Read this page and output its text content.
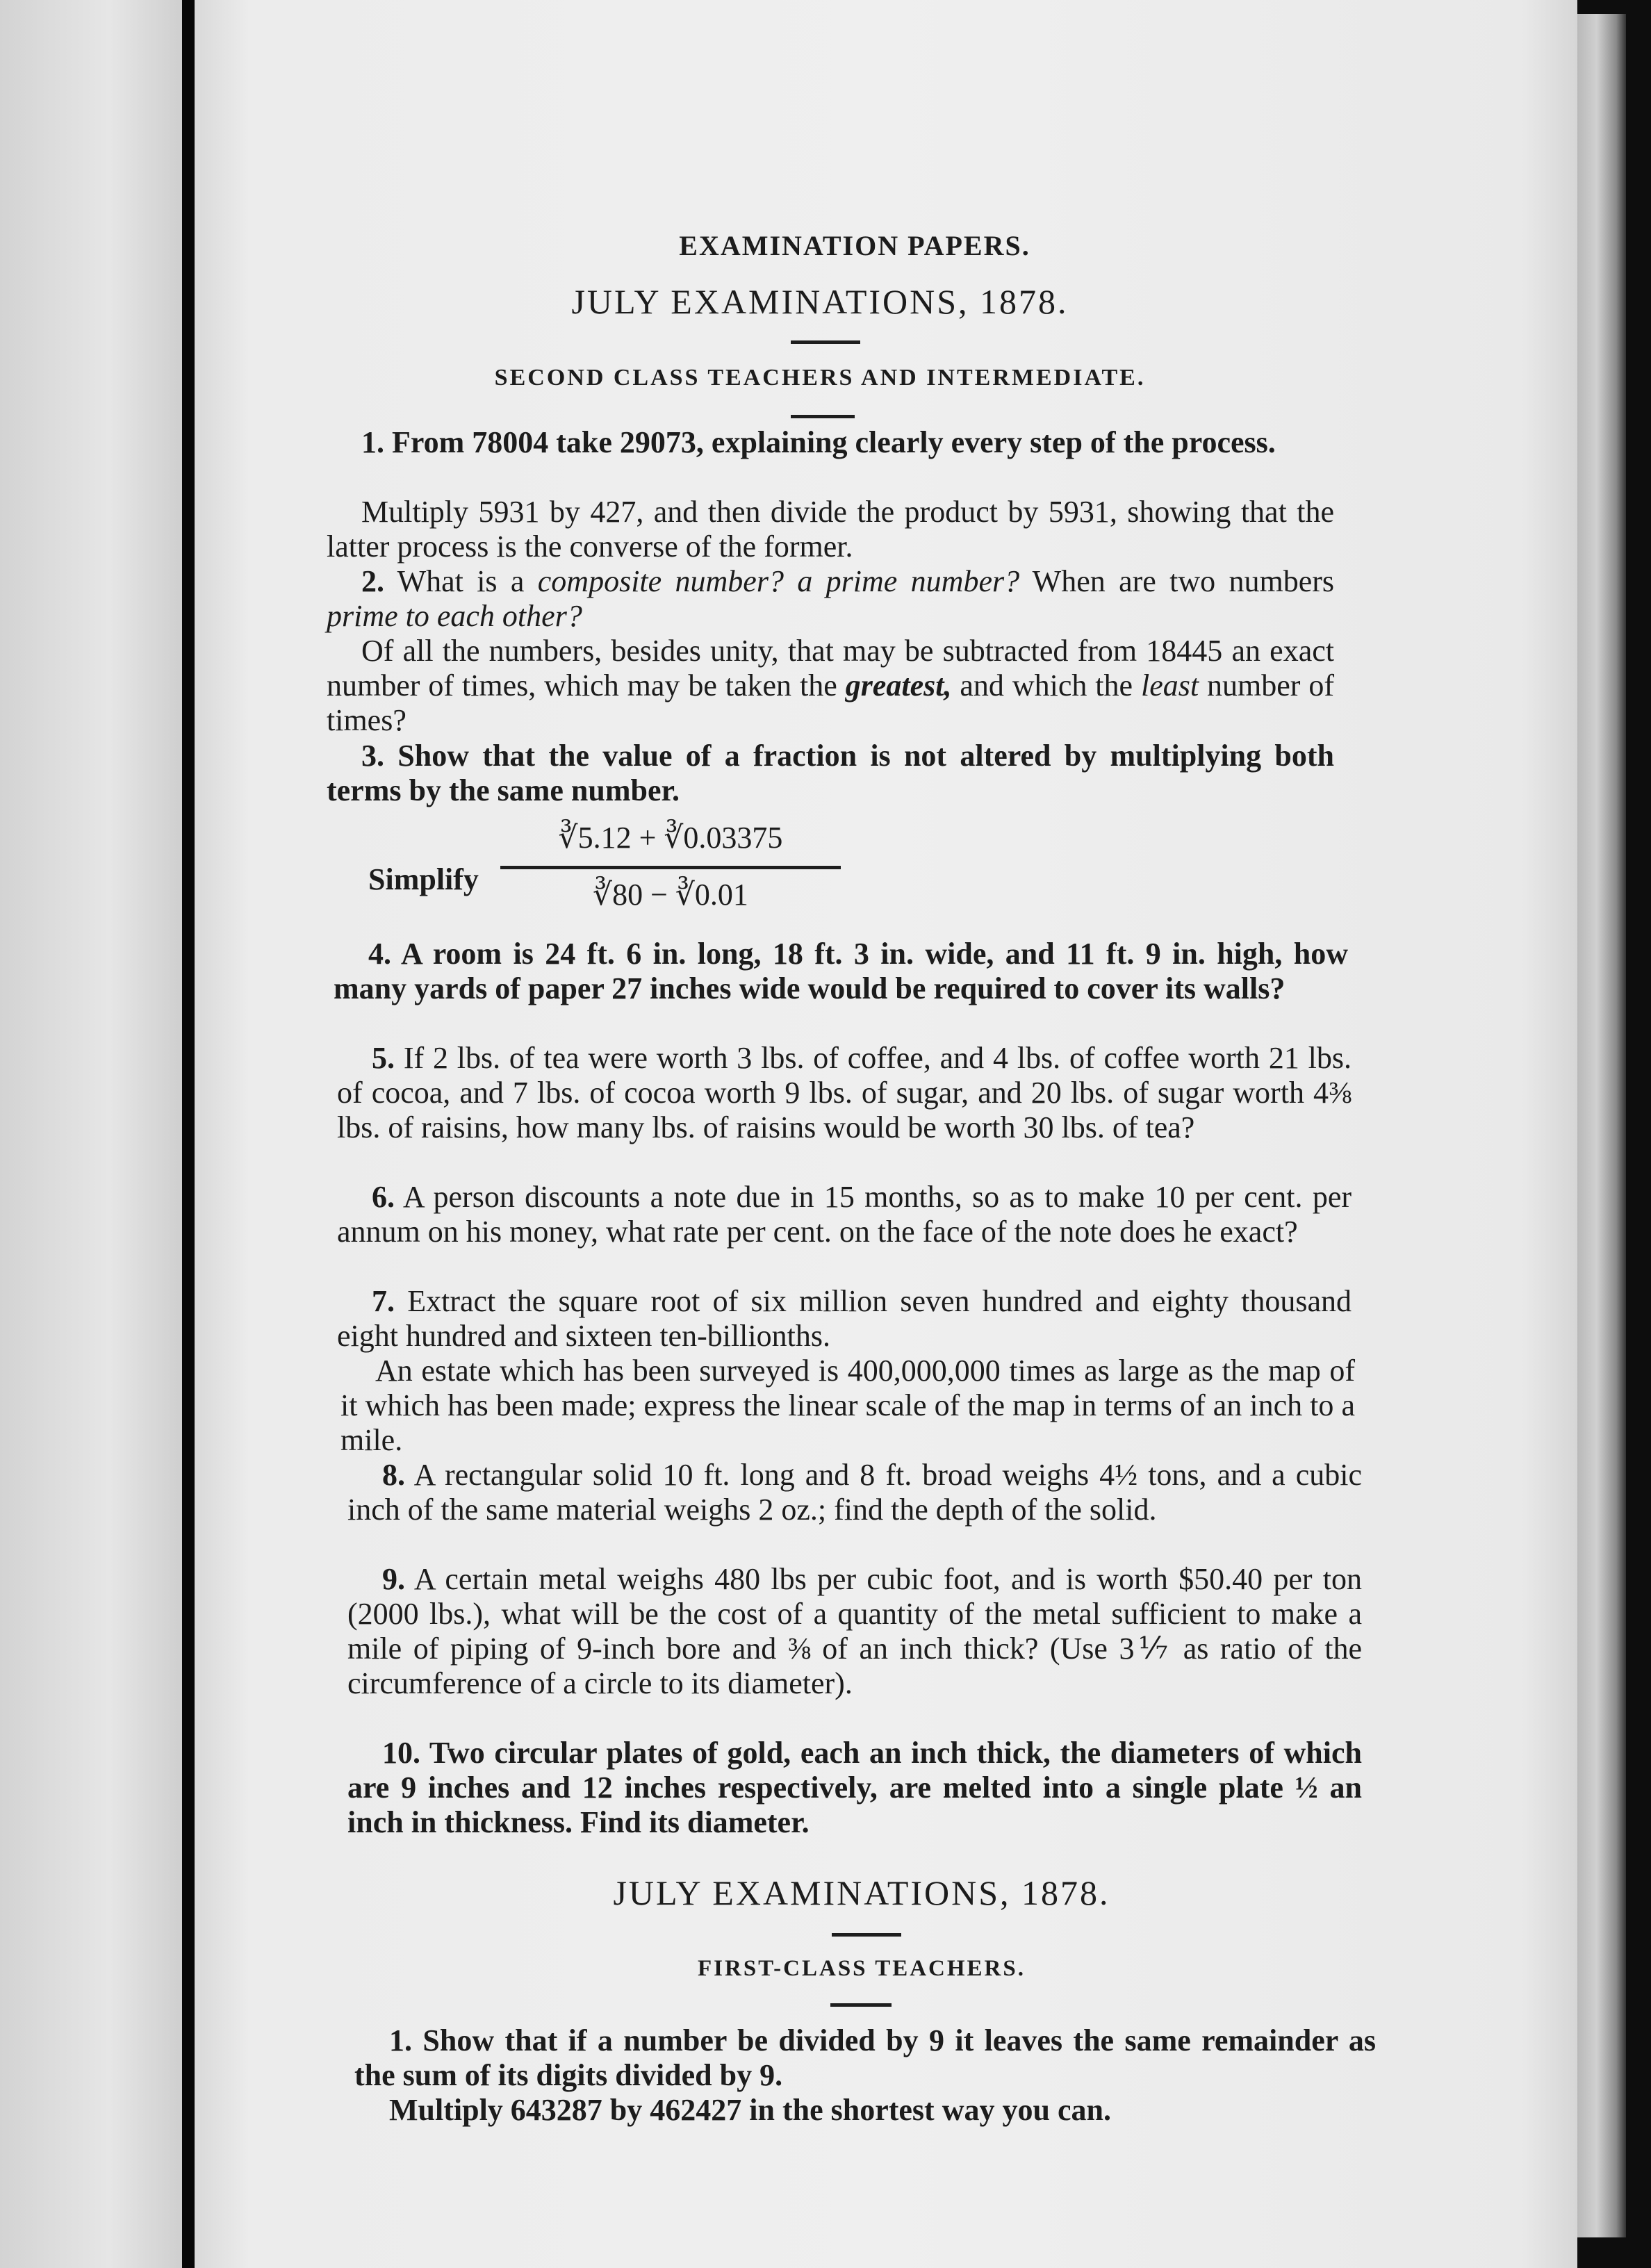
EXAMINATION PAPERS.
JULY EXAMINATIONS, 1878.
SECOND CLASS TEACHERS AND INTERMEDIATE.

1. From 78004 take 29073, explaining clearly every step of the process.

Multiply 5931 by 427, and then divide the product by 5931, showing that the latter process is the converse of the former.

2. What is a composite number? a prime number? When are two numbers prime to each other?

Of all the numbers, besides unity, that may be subtracted from 18445 an exact number of times, which may be taken the greatest, and which the least number of times?

3. Show that the value of a fraction is not altered by multiplying both terms by the same number.

Simplify

∛5.12 + ∛0.03375
∛80 − ∛0.01

4. A room is 24 ft. 6 in. long, 18 ft. 3 in. wide, and 11 ft. 9 in. high, how many yards of paper 27 inches wide would be required to cover its walls?

5. If 2 lbs. of tea were worth 3 lbs. of coffee, and 4 lbs. of coffee worth 21 lbs. of cocoa, and 7 lbs. of cocoa worth 9 lbs. of sugar, and 20 lbs. of sugar worth 4⅜ lbs. of raisins, how many lbs. of raisins would be worth 30 lbs. of tea?

6. A person discounts a note due in 15 months, so as to make 10 per cent. per annum on his money, what rate per cent. on the face of the note does he exact?

7. Extract the square root of six million seven hundred and eighty thousand eight hundred and sixteen ten-billionths.

An estate which has been surveyed is 400,000,000 times as large as the map of it which has been made; express the linear scale of the map in terms of an inch to a mile.

8. A rectangular solid 10 ft. long and 8 ft. broad weighs 4½ tons, and a cubic inch of the same material weighs 2 oz.; find the depth of the solid.

9. A certain metal weighs 480 lbs per cubic foot, and is worth $50.40 per ton (2000 lbs.), what will be the cost of a quantity of the metal sufficient to make a mile of piping of 9-inch bore and ⅜ of an inch thick? (Use 3⅐ as ratio of the circumference of a circle to its diameter).

10. Two circular plates of gold, each an inch thick, the diameters of which are 9 inches and 12 inches respectively, are melted into a single plate ½ an inch in thickness. Find its diameter.

JULY EXAMINATIONS, 1878.
FIRST-CLASS TEACHERS.

1. Show that if a number be divided by 9 it leaves the same remainder as the sum of its digits divided by 9.

Multiply 643287 by 462427 in the shortest way you can.
